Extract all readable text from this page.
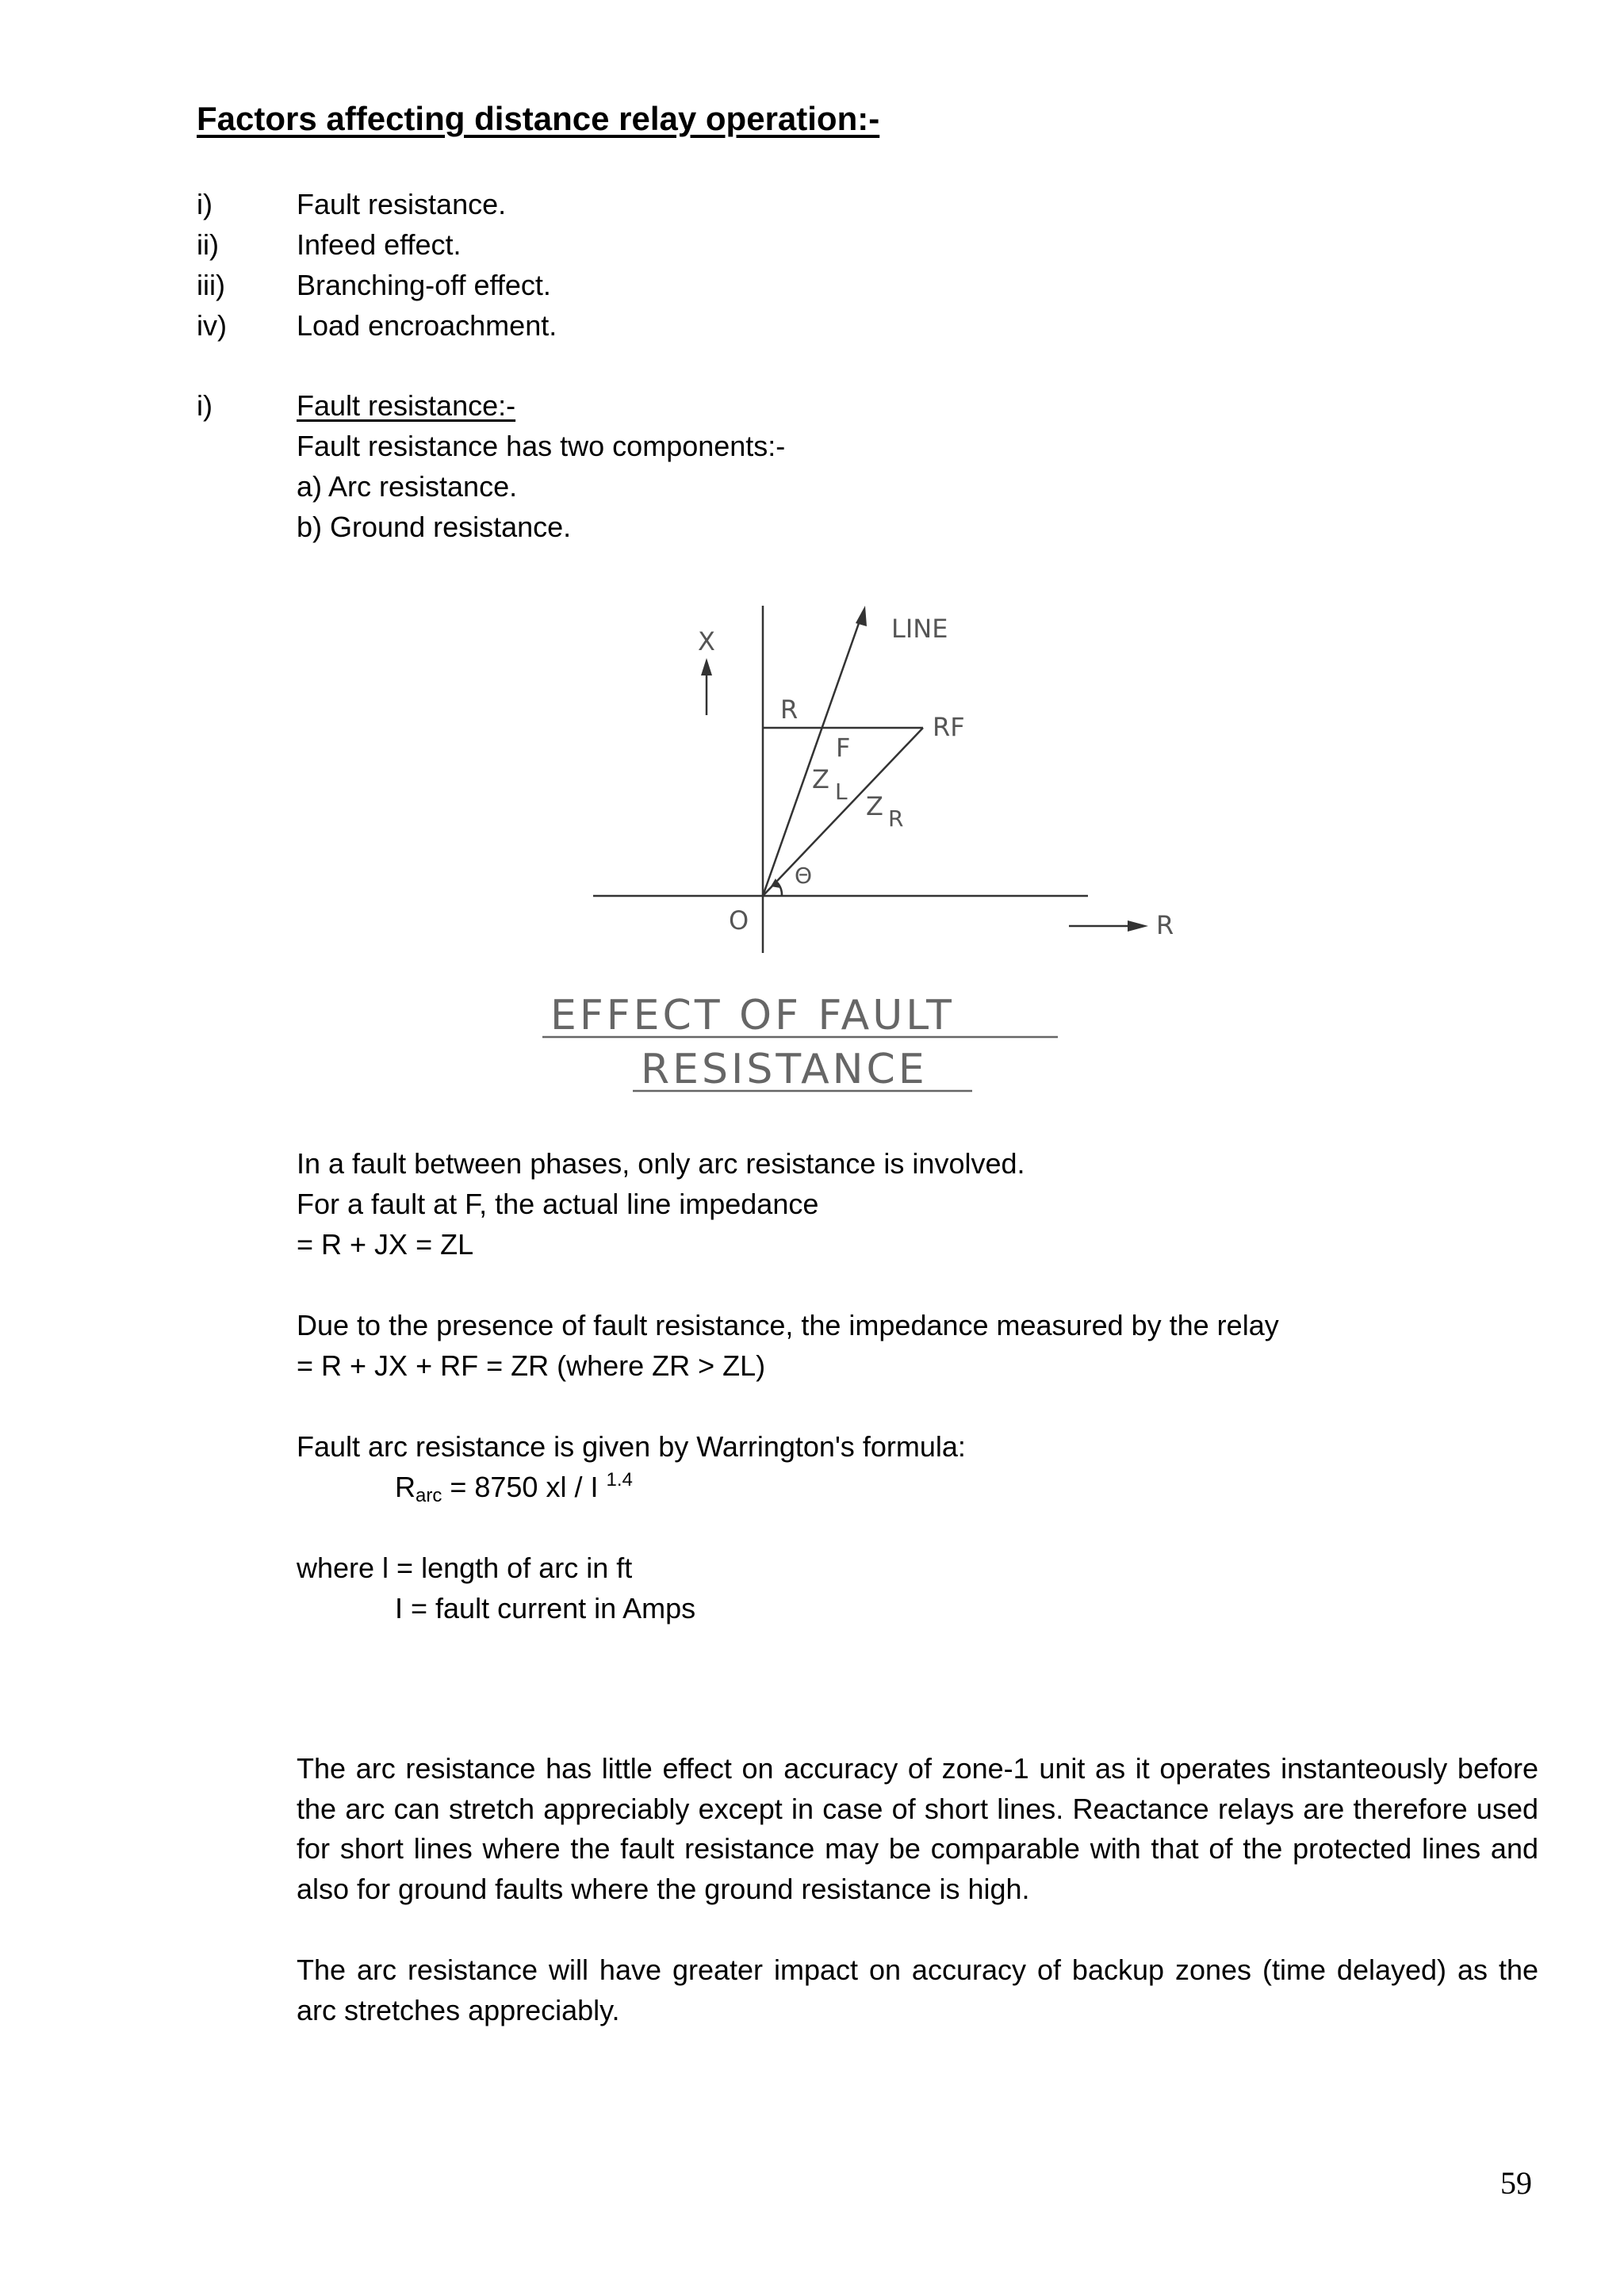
Factors affecting distance relay operation:-
i)	Fault resistance.
ii)	Infeed effect.
iii)	Branching-off effect.
iv) Load encroachment.
i)	Fault resistance:-
Fault resistance has two components:-
a) Arc resistance.
b) Ground resistance.
X
R
O
LINE
R
F
RF
Z L Z R
Θ
EFFECT OF FAULT
RESISTANCE
In a fault between phases, only arc resistance is involved.
For a fault at F, the actual line impedance
= R + JX = ZL
Due to the presence of fault resistance, the impedance measured by the relay
= R + JX + RF = ZR (where ZR > ZL)
Fault arc resistance is given by Warrington's formula:
$R_{arc} = 8750$ xl / I $^{1.4}$
where l = length of arc in ft
I = fault current in Amps
The arc resistance has little effect on accuracy of zone-1 unit as it operates instanteously before the arc can stretch appreciably except in case of short lines. Reactance relays are therefore used for short lines where the fault resistance may be comparable with that of the protected lines and also for ground faults where the ground resistance is high.
The arc resistance will have greater impact on accuracy of backup zones (time delayed) as the arc stretches appreciably.
59
